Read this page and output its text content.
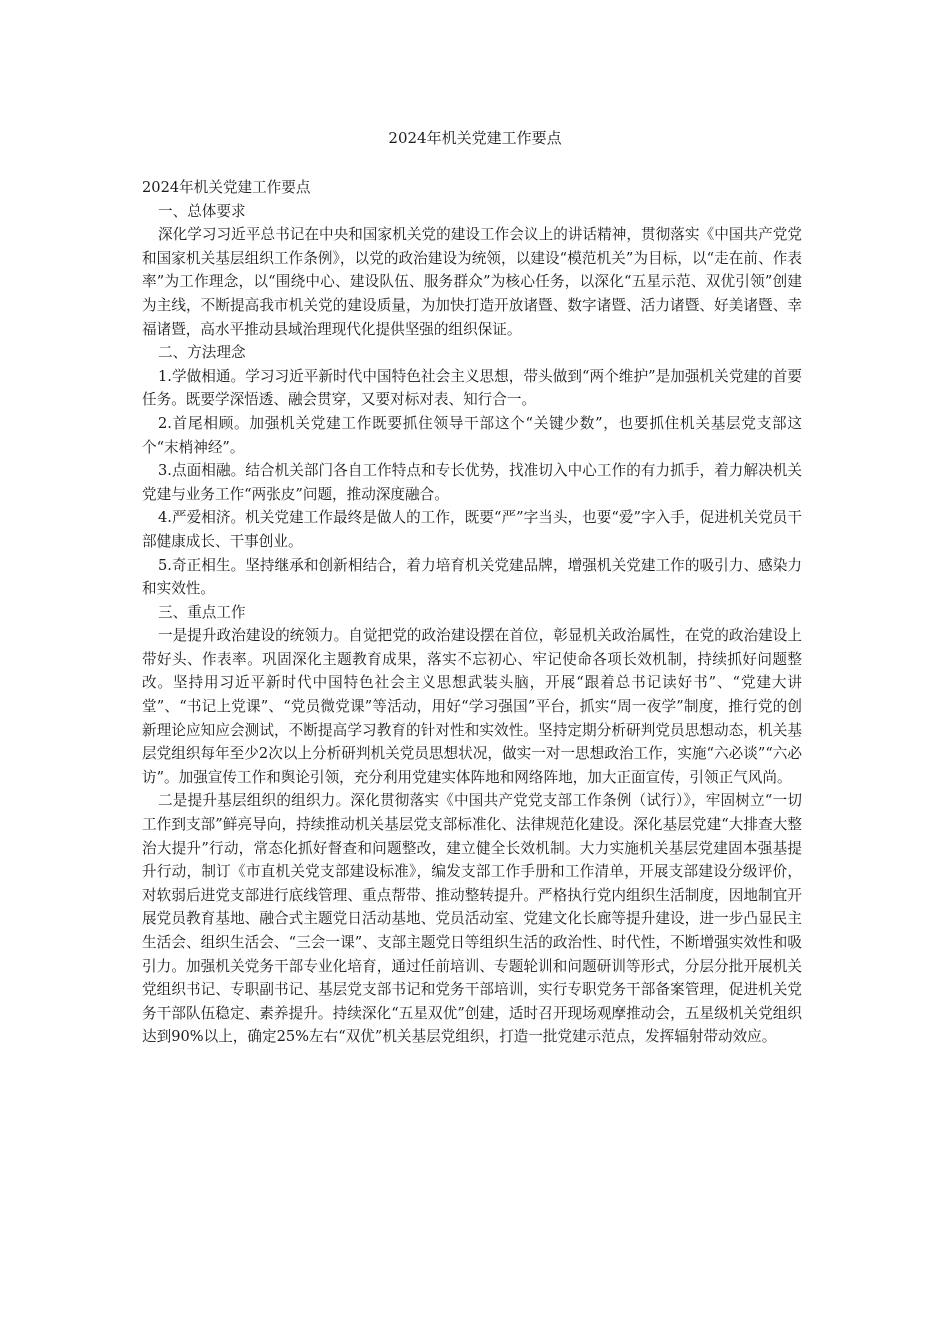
2024年机关党建工作要点

2024年机关党建工作要点

一、总体要求

深化学习习近平总书记在中央和国家机关党的建设工作会议上的讲话精神，贯彻落实《中国共产党党和国家机关基层组织工作条例》，以党的政治建设为统领，以建设“模范机关”为目标，以“走在前、作表率”为工作理念，以“围绕中心、建设队伍、服务群众”为核心任务，以深化“五星示范、双优引领”创建为主线，不断提高我市机关党的建设质量，为加快打造开放诸暨、数字诸暨、活力诸暨、好美诸暨、幸福诸暨，高水平推动县域治理现代化提供坚强的组织保证。

二、方法理念

1.学做相通。学习习近平新时代中国特色社会主义思想，带头做到“两个维护”是加强机关党建的首要任务。既要学深悟透、融会贯穿，又要对标对表、知行合一。

2.首尾相顾。加强机关党建工作既要抓住领导干部这个“关键少数”，也要抓住机关基层党支部这个“末梢神经”。

3.点面相融。结合机关部门各自工作特点和专长优势，找准切入中心工作的有力抓手，着力解决机关党建与业务工作“两张皮”问题，推动深度融合。

4.严爱相济。机关党建工作最终是做人的工作，既要“严”字当头，也要“爱”字入手，促进机关党员干部健康成长、干事创业。

5.奇正相生。坚持继承和创新相结合，着力培育机关党建品牌，增强机关党建工作的吸引力、感染力和实效性。

三、重点工作

一是提升政治建设的统领力。自觉把党的政治建设摆在首位，彰显机关政治属性，在党的政治建设上带好头、作表率。巩固深化主题教育成果，落实不忘初心、牢记使命各项长效机制，持续抓好问题整改。坚持用习近平新时代中国特色社会主义思想武装头脑，开展“跟着总书记读好书”、“党建大讲堂”、“书记上党课”、“党员微党课”等活动，用好“学习强国”平台，抓实“周一夜学”制度，推行党的创新理论应知应会测试，不断提高学习教育的针对性和实效性。坚持定期分析研判党员思想动态，机关基层党组织每年至少2次以上分析研判机关党员思想状况，做实一对一思想政治工作，实施“六必谈”“六必访”。加强宣传工作和舆论引领，充分利用党建实体阵地和网络阵地，加大正面宣传，引领正气风尚。

二是提升基层组织的组织力。深化贯彻落实《中国共产党党支部工作条例（试行）》，牢固树立“一切工作到支部”鲜亮导向，持续推动机关基层党支部标准化、法律规范化建设。深化基层党建“大排查大整治大提升”行动，常态化抓好督查和问题整改，建立健全长效机制。大力实施机关基层党建固本强基提升行动，制订《市直机关党支部建设标准》，编发支部工作手册和工作清单，开展支部建设分级评价，对软弱后进党支部进行底线管理、重点帮带、推动整转提升。严格执行党内组织生活制度，因地制宜开展党员教育基地、融合式主题党日活动基地、党员活动室、党建文化长廊等提升建设，进一步凸显民主生活会、组织生活会、“三会一课”、支部主题党日等组织生活的政治性、时代性，不断增强实效性和吸引力。加强机关党务干部专业化培育，通过任前培训、专题轮训和问题研训等形式，分层分批开展机关党组织书记、专职副书记、基层党支部书记和党务干部培训，实行专职党务干部备案管理，促进机关党务干部队伍稳定、素养提升。持续深化“五星双优”创建，适时召开现场观摩推动会，五星级机关党组织达到90%以上，确定25%左右“双优”机关基层党组织，打造一批党建示范点，发挥辐射带动效应。
